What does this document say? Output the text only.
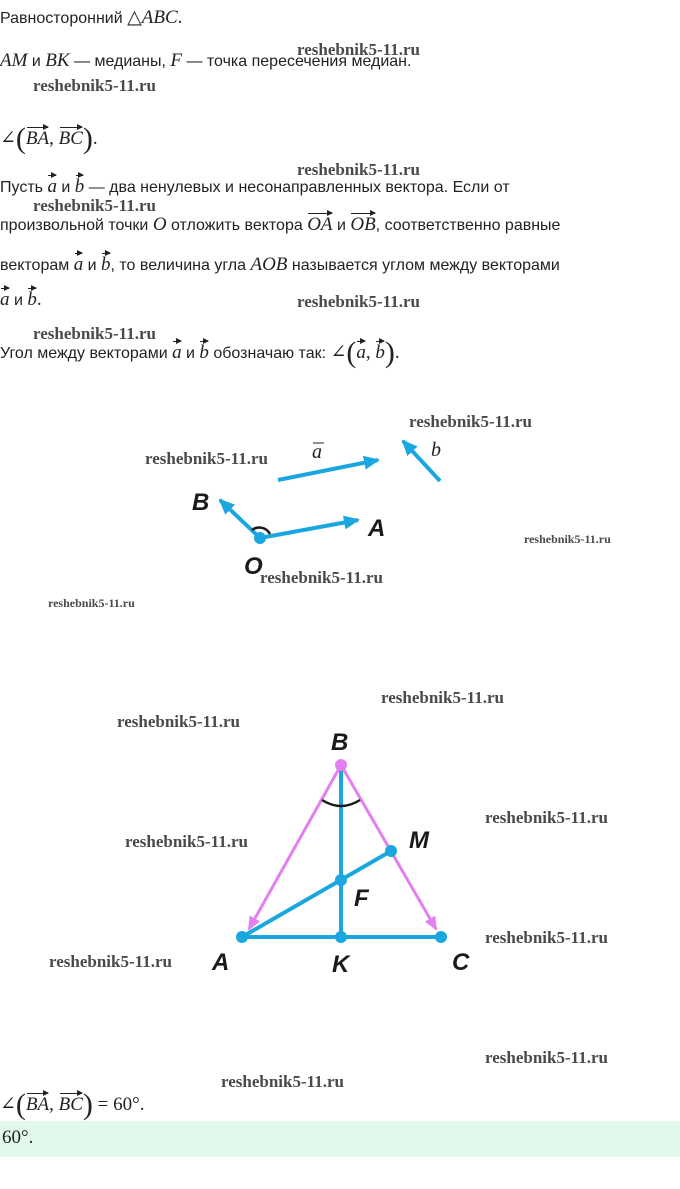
Равносторонний △ABC.
AM и BK — медианы, F — точка пересечения медиан.
∠(BA, BC).
Пусть a и b — два ненулевых и несонаправленных вектора. Если от
произвольной точки O отложить вектора OA и OB, соответственно равные
векторам a и b, то величина угла AOB называется углом между векторами
a и b.
Угол между векторами a и b обозначаю так: ∠(a, b).
a	b
B
A
O
B
M
F
A	K	C
∠(BA, BC) = 60°.
60°.
reshebnik5-11.ru
reshebnik5-11.ru
reshebnik5-11.ru
reshebnik5-11.ru
reshebnik5-11.ru
reshebnik5-11.ru
reshebnik5-11.ru
reshebnik5-11.ru
reshebnik5-11.ru
reshebnik5-11.ru
reshebnik5-11.ru
reshebnik5-11.ru
reshebnik5-11.ru
reshebnik5-11.ru
reshebnik5-11.ru
reshebnik5-11.ru
reshebnik5-11.ru
reshebnik5-11.ru
reshebnik5-11.ru
